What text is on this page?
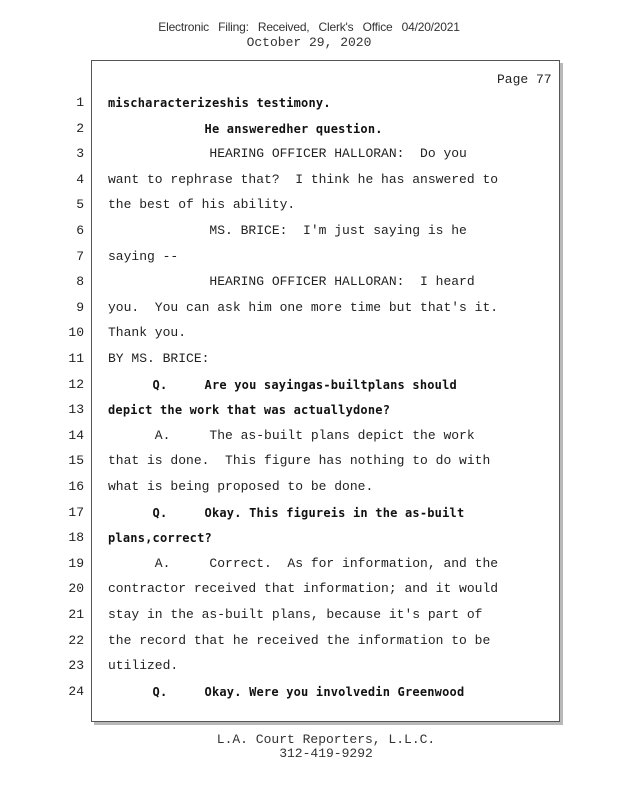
Electronic Filing: Received, Clerk's Office 04/20/2021
October 29, 2020
Page 77
1 mischaracterizeshis testimony.
2 He answeredher question.
3 HEARING OFFICER HALLORAN:  Do you
4 want to rephrase that?  I think he has answered to
5 the best of his ability.
6 MS. BRICE:  I'm just saying is he
7 saying --
8 HEARING OFFICER HALLORAN:  I heard
9 you.  You can ask him one more time but that's it.
10 Thank you.
11 BY MS. BRICE:
12 Q.     Are you sayingas-builtplans should
13 depict the work that was actuallydone?
14 A.     The as-built plans depict the work
15 that is done.  This figure has nothing to do with
16 what is being proposed to be done.
17 Q.     Okay. This figureis in the as-built
18 plans,correct?
19 A.     Correct.  As for information, and the
20 contractor received that information; and it would
21 stay in the as-built plans, because it's part of
22 the record that he received the information to be
23 utilized.
24 Q.     Okay. Were you involvedin Greenwood
L.A. Court Reporters, L.L.C.
312-419-9292
